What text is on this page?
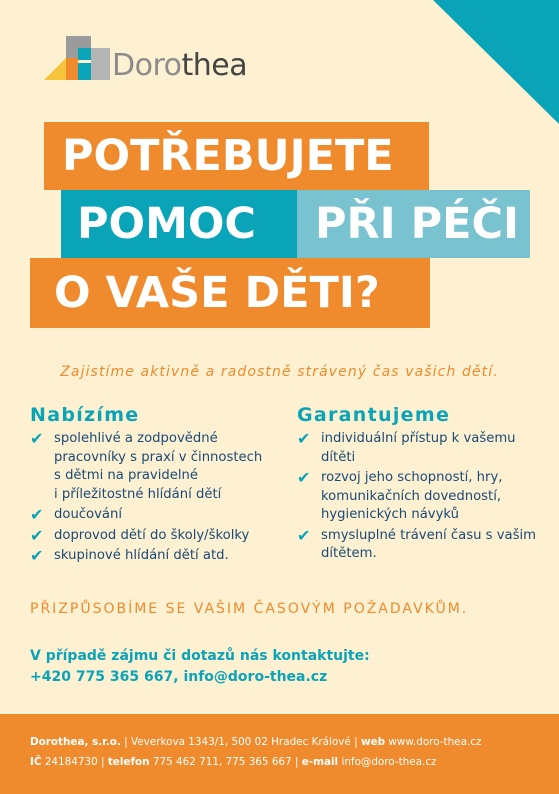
Dorothea
POTŘEBUJETE
POMOC	PŘI PÉČI
O VAŠE DĚTI?
Zajistíme aktivně a radostně strávený čas vašich dětí.
Nabízíme
✔ spolehlivé a zodpovědné
pracovníky s praxí v činnostech
s dětmi na pravidelné
i příležitostné hlídání dětí
✔ doučování
✔ doprovod dětí do školy/školky
✔ skupinové hlídání dětí atd.
Garantujeme
✔ individuální přístup k vašemu
dítěti
✔ rozvoj jeho schopností, hry,
komunikačních dovedností,
hygienických návyků
✔ smysluplné trávení času s vašim
dítětem.
PŘIZPŮSOBÍME SE VAŠIM ČASOVÝM POŽADAVKŮM.
V případě zájmu či dotazů nás kontaktujte:
+420 775 365 667, info@doro-thea.cz
Dorothea, s.r.o. | Veverkova 1343/1, 500 02 Hradec Králové | web www.doro-thea.cz
IČ 24184730 | telefon 775 462 711, 775 365 667 | e-mail info@doro-thea.cz
